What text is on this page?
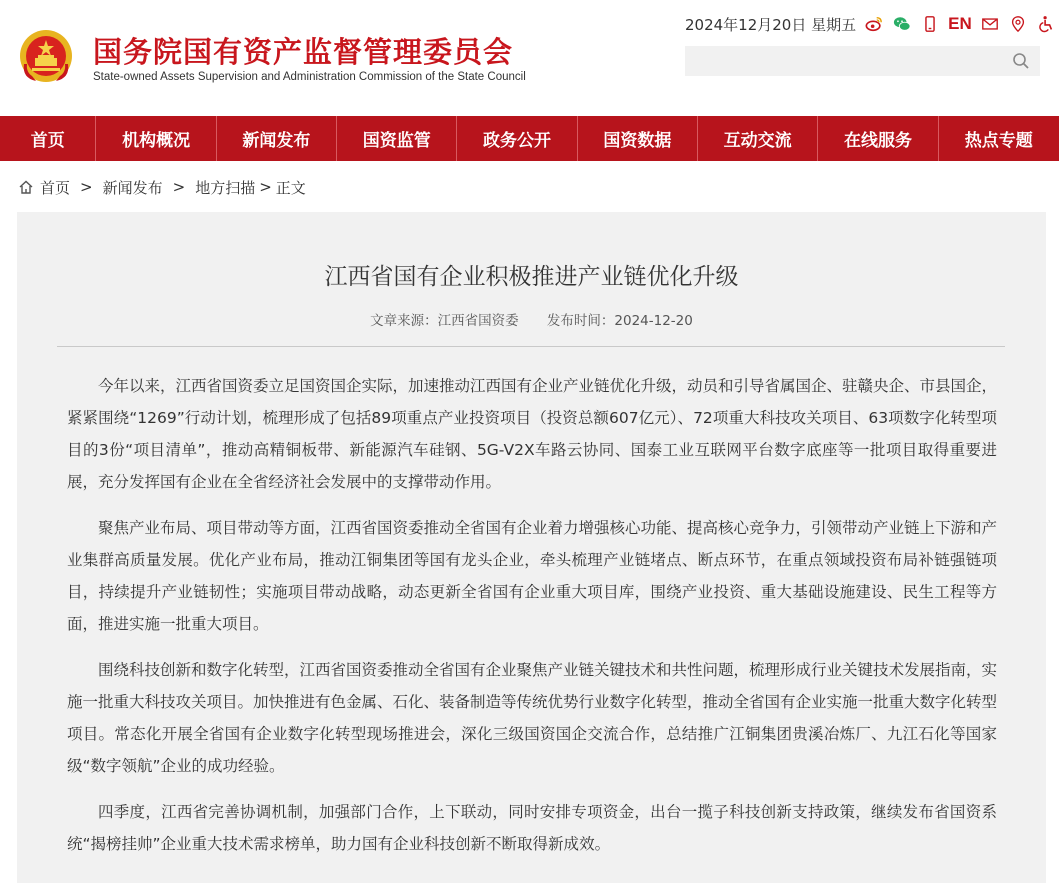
国务院国有资产监督管理委员会
State-owned Assets Supervision and Administration Commission of the State Council
2024年12月20日 星期五	EN
首页	机构概况	新闻发布	国资监管	政务公开	国资数据	互动交流	在线服务	热点专题
首页 > 新闻发布 > 地方扫描 > 正文
江西省国有企业积极推进产业链优化升级
文章来源：江西省国资委 发布时间：2024-12-20

今年以来，江西省国资委立足国资国企实际，加速推动江西国有企业产业链优化升级，动员和引导省属国企、驻赣央企、市县国企，紧紧围绕“1269”行动计划，梳理形成了包括89项重点产业投资项目（投资总额607亿元）、72项重大科技攻关项目、63项数字化转型项目的3份“项目清单”，推动高精铜板带、新能源汽车硅钢、5G-V2X车路云协同、国泰工业互联网平台数字底座等一批项目取得重要进展，充分发挥国有企业在全省经济社会发展中的支撑带动作用。

聚焦产业布局、项目带动等方面，江西省国资委推动全省国有企业着力增强核心功能、提高核心竞争力，引领带动产业链上下游和产业集群高质量发展。优化产业布局，推动江铜集团等国有龙头企业，牵头梳理产业链堵点、断点环节，在重点领域投资布局补链强链项目，持续提升产业链韧性；实施项目带动战略，动态更新全省国有企业重大项目库，围绕产业投资、重大基础设施建设、民生工程等方面，推进实施一批重大项目。

围绕科技创新和数字化转型，江西省国资委推动全省国有企业聚焦产业链关键技术和共性问题，梳理形成行业关键技术发展指南，实施一批重大科技攻关项目。加快推进有色金属、石化、装备制造等传统优势行业数字化转型，推动全省国有企业实施一批重大数字化转型项目。常态化开展全省国有企业数字化转型现场推进会，深化三级国资国企交流合作，总结推广江铜集团贵溪冶炼厂、九江石化等国家级“数字领航”企业的成功经验。

四季度，江西省完善协调机制，加强部门合作，上下联动，同时安排专项资金，出台一揽子科技创新支持政策，继续发布省国资系统“揭榜挂帅”企业重大技术需求榜单，助力国有企业科技创新不断取得新成效。
